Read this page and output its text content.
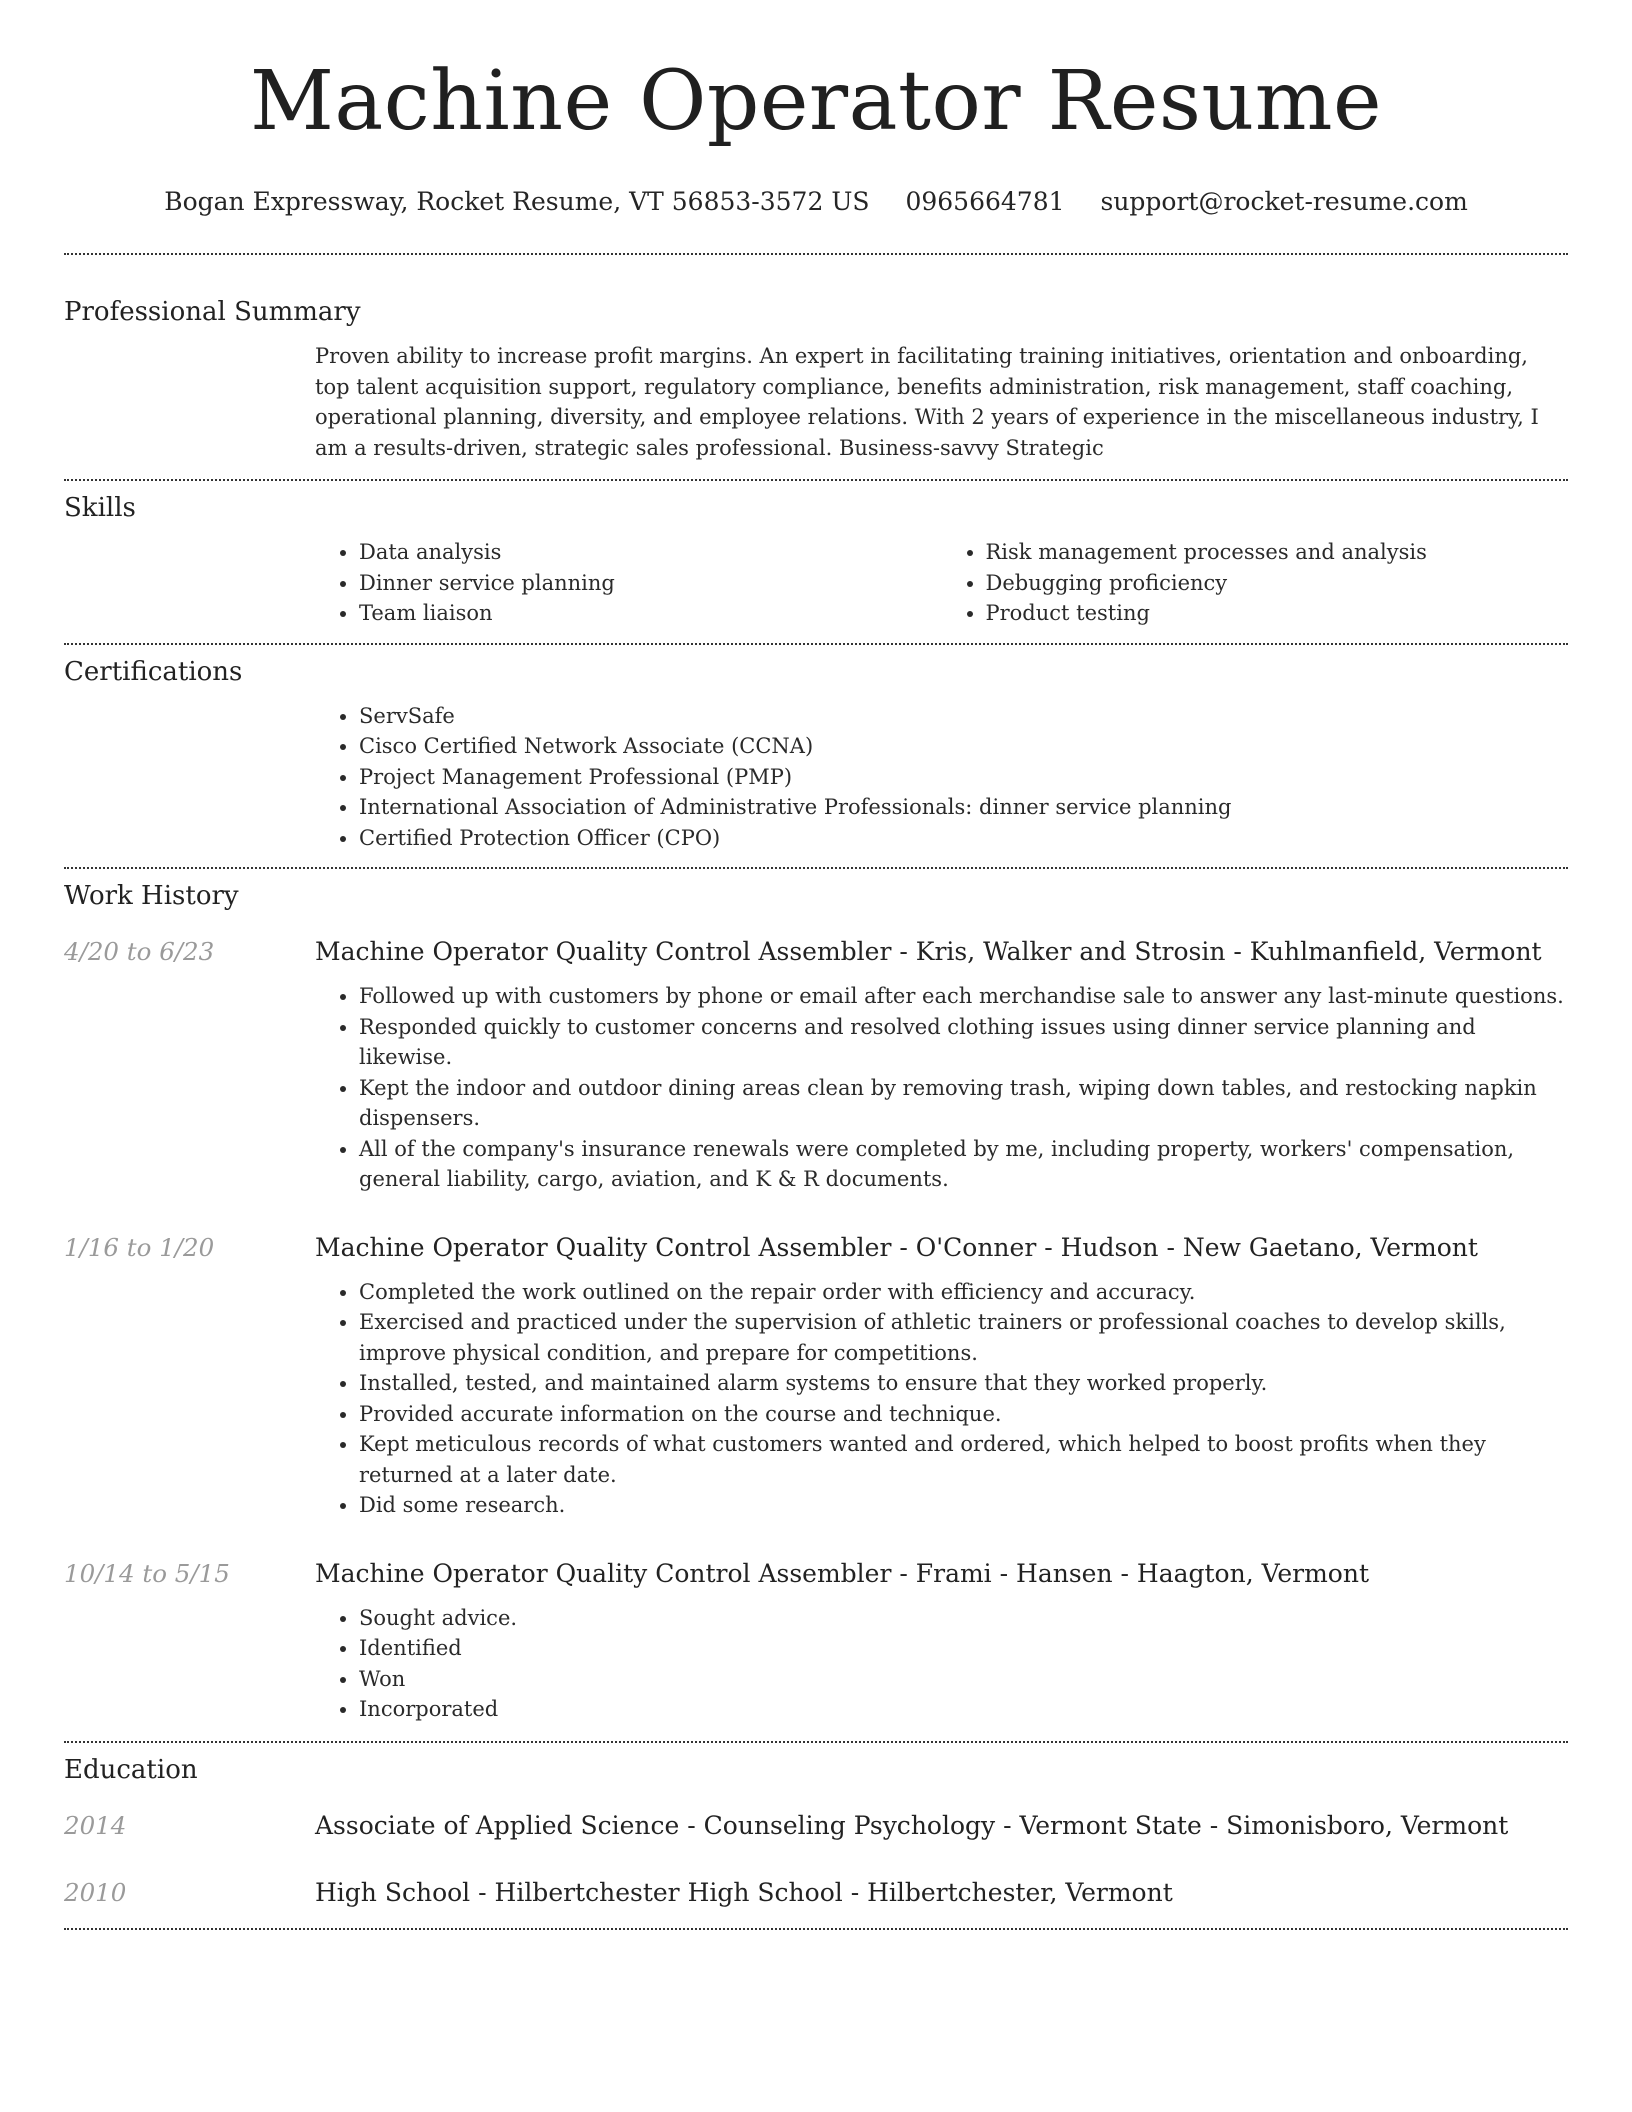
Machine Operator Resume
Bogan Expressway, Rocket Resume, VT 56853-3572 US 0965664781 support@rocket-resume.com
Professional Summary

Proven ability to increase profit margins. An expert in facilitating training initiatives, orientation and onboarding, top talent acquisition support, regulatory compliance, benefits administration, risk management, staff coaching, operational planning, diversity, and employee relations. With 2 years of experience in the miscellaneous industry, I am a results-driven, strategic sales professional. Business-savvy Strategic

Skills
• Data analysis
• Dinner service planning
• Team liaison
• Risk management processes and analysis
• Debugging proficiency
• Product testing
Certifications
• ServSafe
• Cisco Certified Network Associate (CCNA)
• Project Management Professional (PMP)
• International Association of Administrative Professionals: dinner service planning
• Certified Protection Officer (CPO)
Work History
4/20 to 6/23	Machine Operator Quality Control Assembler - Kris, Walker and Strosin - Kuhlmanfield, Vermont
• Followed up with customers by phone or email after each merchandise sale to answer any last-minute questions.
• Responded quickly to customer concerns and resolved clothing issues using dinner service planning and likewise.
• Kept the indoor and outdoor dining areas clean by removing trash, wiping down tables, and restocking napkin dispensers.
• All of the company's insurance renewals were completed by me, including property, workers' compensation, general liability, cargo, aviation, and K & R documents.
1/16 to 1/20	Machine Operator Quality Control Assembler - O'Conner - Hudson - New Gaetano, Vermont
• Completed the work outlined on the repair order with efficiency and accuracy.
• Exercised and practiced under the supervision of athletic trainers or professional coaches to develop skills, improve physical condition, and prepare for competitions.
• Installed, tested, and maintained alarm systems to ensure that they worked properly.
• Provided accurate information on the course and technique.
• Kept meticulous records of what customers wanted and ordered, which helped to boost profits when they returned at a later date.
• Did some research.
10/14 to 5/15	Machine Operator Quality Control Assembler - Frami - Hansen - Haagton, Vermont
• Sought advice.
• Identified
• Won
• Incorporated
Education
2014	Associate of Applied Science - Counseling Psychology - Vermont State - Simonisboro, Vermont
2010	High School - Hilbertchester High School - Hilbertchester, Vermont
